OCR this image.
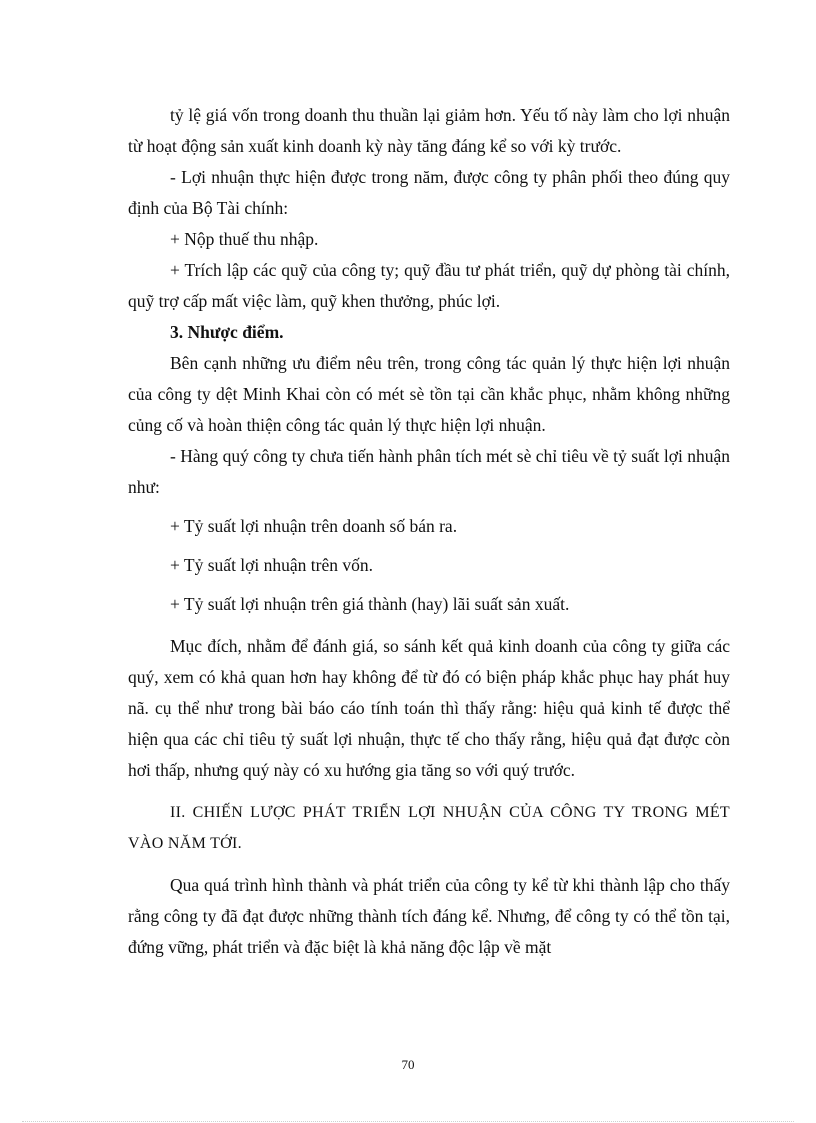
tỷ lệ giá vốn trong doanh thu thuần lại giảm hơn. Yếu tố này làm cho lợi nhuận từ hoạt động sản xuất kinh doanh kỳ này tăng đáng kể so với kỳ trước.

- Lợi nhuận thực hiện được trong năm, được công ty phân phối theo đúng quy định của Bộ Tài chính:

+ Nộp thuế thu nhập.

+ Trích lập các quỹ của công ty; quỹ đầu tư phát triển, quỹ dự phòng tài chính, quỹ trợ cấp mất việc làm, quỹ khen thưởng, phúc lợi.

3. Nhược điểm.

Bên cạnh những ưu điểm nêu trên, trong công tác quản lý thực hiện lợi nhuận của công ty dệt Minh Khai còn có mét sè tồn tại cần khắc phục, nhằm không những củng cố và hoàn thiện công tác quản lý thực hiện lợi nhuận.

- Hàng quý công ty chưa tiến hành phân tích mét sè chỉ tiêu về tỷ suất lợi nhuận như:

+ Tỷ suất lợi nhuận trên doanh số bán ra.

+ Tỷ suất lợi nhuận trên vốn.

+ Tỷ suất lợi nhuận trên giá thành (hay) lãi suất sản xuất.

Mục đích, nhằm để đánh giá, so sánh kết quả kinh doanh của công ty giữa các quý, xem có khả quan hơn hay không để từ đó có biện pháp khắc phục hay phát huy nã. cụ thể như trong bài báo cáo tính toán thì thấy rằng: hiệu quả kinh tế được thể hiện qua các chỉ tiêu tỷ suất lợi nhuận, thực tế cho thấy rằng, hiệu quả đạt được còn hơi thấp, nhưng quý này có xu hướng gia tăng so với quý trước.

II. CHIẾN LƯỢC PHÁT TRIỂN LỢI NHUẬN CỦA CÔNG TY TRONG MÉT VÀO NĂM TỚI.

Qua quá trình hình thành và phát triển của công ty kể từ khi thành lập cho thấy rằng công ty đã đạt được những thành tích đáng kể. Nhưng, để công ty có thể tồn tại, đứng vững, phát triển và đặc biệt là khả năng độc lập về mặt

70
